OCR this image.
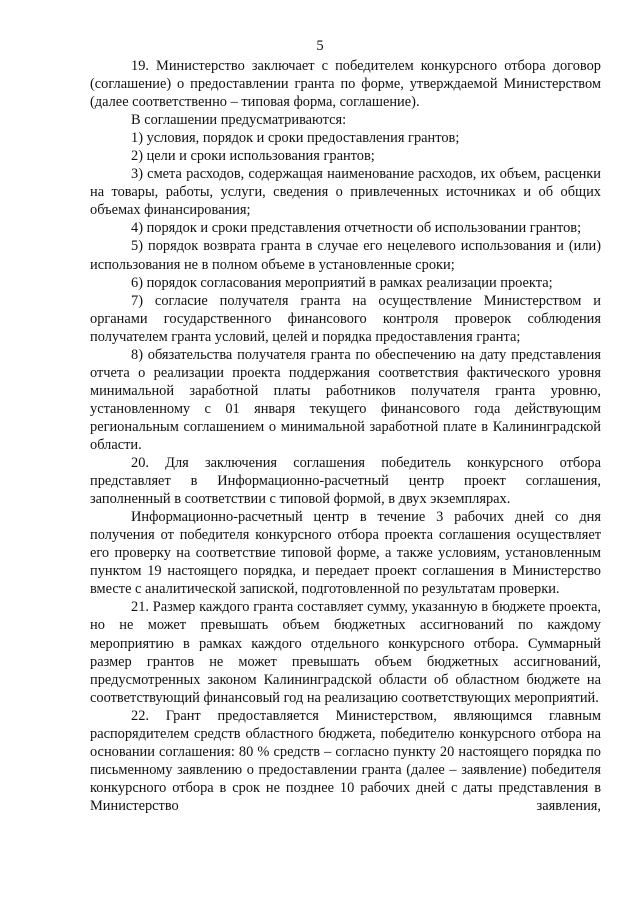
5

19. Министерство заключает с победителем конкурсного отбора договор (соглашение) о предоставлении гранта по форме, утверждаемой Министерством (далее соответственно – типовая форма, соглашение).

В соглашении предусматриваются:

1) условия, порядок и сроки предоставления грантов;

2) цели и сроки использования грантов;

3) смета расходов, содержащая наименование расходов, их объем, расценки на товары, работы, услуги, сведения о привлеченных источниках и об общих объемах финансирования;

4) порядок и сроки представления отчетности об использовании грантов;

5) порядок возврата гранта в случае его нецелевого использования и (или) использования не в полном объеме в установленные сроки;

6) порядок согласования мероприятий в рамках реализации проекта;

7) согласие получателя гранта на осуществление Министерством и органами государственного финансового контроля проверок соблюдения получателем гранта условий, целей и порядка предоставления гранта;

8) обязательства получателя гранта по обеспечению на дату представления отчета о реализации проекта поддержания соответствия фактического уровня минимальной заработной платы работников получателя гранта уровню, установленному с 01 января текущего финансового года действующим региональным соглашением о минимальной заработной плате в Калининградской области.

20. Для заключения соглашения победитель конкурсного отбора представляет в Информационно-расчетный центр проект соглашения, заполненный в соответствии с типовой формой, в двух экземплярах.

Информационно-расчетный центр в течение 3 рабочих дней со дня получения от победителя конкурсного отбора проекта соглашения осуществляет его проверку на соответствие типовой форме, а также условиям, установленным пунктом 19 настоящего порядка, и передает проект соглашения в Министерство вместе с аналитической запиской, подготовленной по результатам проверки.

21. Размер каждого гранта составляет сумму, указанную в бюджете проекта, но не может превышать объем бюджетных ассигнований по каждому мероприятию в рамках каждого отдельного конкурсного отбора. Суммарный размер грантов не может превышать объем бюджетных ассигнований, предусмотренных законом Калининградской области об областном бюджете на соответствующий финансовый год на реализацию соответствующих мероприятий.

22. Грант предоставляется Министерством, являющимся главным распорядителем средств областного бюджета, победителю конкурсного отбора на основании соглашения: 80 % средств – согласно пункту 20 настоящего порядка по письменному заявлению о предоставлении гранта (далее – заявление) победителя конкурсного отбора в срок не позднее 10 рабочих дней с даты представления в Министерство заявления,
